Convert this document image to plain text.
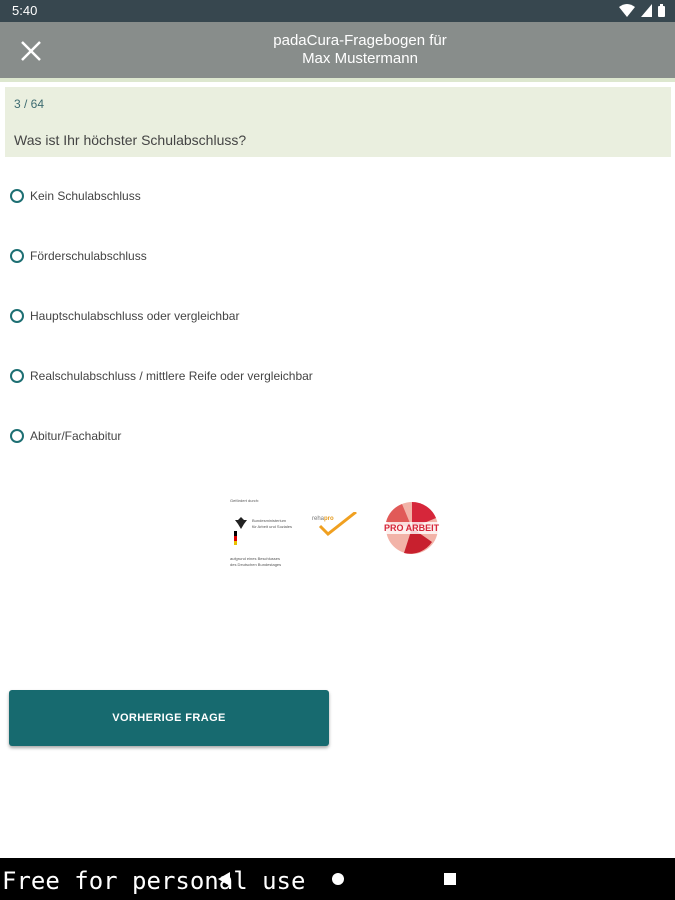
5:40
padaCura-Fragebogen für
Max Mustermann
3 / 64
Was ist Ihr höchster Schulabschluss?
Kein Schulabschluss
Förderschulabschluss
Hauptschulabschluss oder vergleichbar
Realschulabschluss / mittlere Reife oder vergleichbar
Abitur/Fachabitur
Gefördert durch:
Bundesministerium
für Arbeit und Soziales
aufgrund eines Beschlusses
des Deutschen Bundestages
reha pro
PRO ARBEIT
VORHERIGE FRAGE
Free for personal use
